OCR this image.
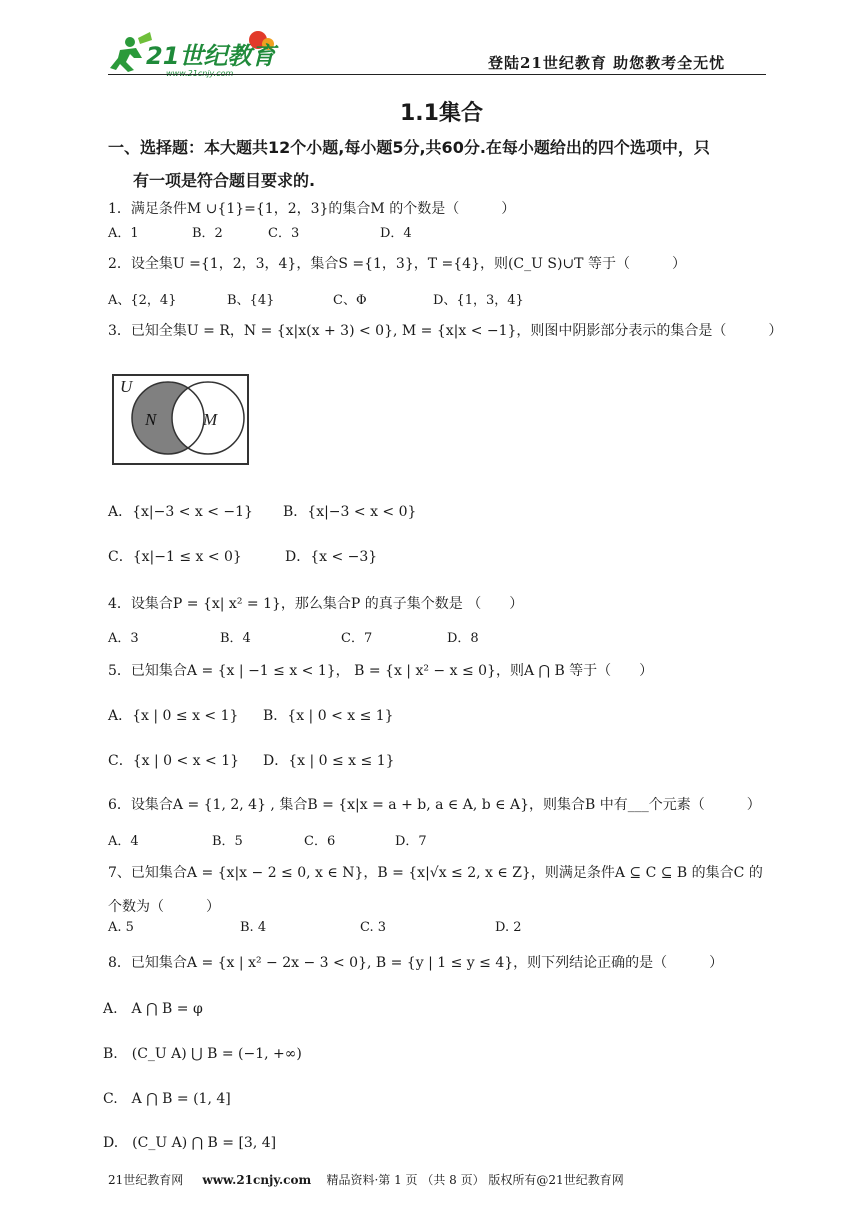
21世纪教育
www.21cnjy.com
登陆21世纪教育 助您教考全无忧
1.1集合
一、选择题：本大题共12个小题,每小题5分,共60分.在每小题给出的四个选项中，只
有一项是符合题目要求的.
1．满足条件M ∪{1}={1，2，3}的集合M 的个数是（　　　）
A．1	B．2	C．3	D．4
2．设全集U ={1，2，3，4}，集合S ={1，3}，T ={4}，则(C_U S)∪T 等于（　　　）
A、{2，4}	B、{4}	C、Φ	D、{1，3，4}
3．已知全集U = R，N = {x|x(x + 3) < 0}, M = {x|x < −1}，则图中阴影部分表示的集合是（　　　）
U
N	M
A．{x|−3 < x < −1} B．{x|−3 < x < 0}
C．{x|−1 ≤ x < 0}	D．{x < −3}
4．设集合P = {x| x² = 1}，那么集合P 的真子集个数是 （　　）
A．3	B．4	C．7	D．8
5．已知集合A = {x | −1 ≤ x < 1}， B = {x | x² − x ≤ 0}，则A ⋂ B 等于（　　）
A．{x | 0 ≤ x < 1} B．{x | 0 < x ≤ 1}
C．{x | 0 < x < 1} D．{x | 0 ≤ x ≤ 1}
6．设集合A = {1, 2, 4} , 集合B = {x|x = a + b, a ∈ A, b ∈ A}，则集合B 中有___个元素（　　　）
A．4	B．5	C．6	D．7
7、已知集合A = {x|x − 2 ≤ 0, x ∈ N}，B = {x|√x ≤ 2, x ∈ Z}，则满足条件A ⊆ C ⊆ B 的集合C 的
个数为（　　　）
A. 5	B. 4	C. 3	D. 2
8．已知集合A = {x | x² − 2x − 3 < 0}, B = {y | 1 ≤ y ≤ 4}，则下列结论正确的是（　　　）
A.　A ⋂ B = φ
B.　(C_U A) ⋃ B = (−1, +∞)
C.　A ⋂ B = (1, 4]
D.　(C_U A) ⋂ B = [3, 4]
21世纪教育网 www.21cnjy.com 精品资料·第 1 页 （共 8 页） 版权所有@21世纪教育网
